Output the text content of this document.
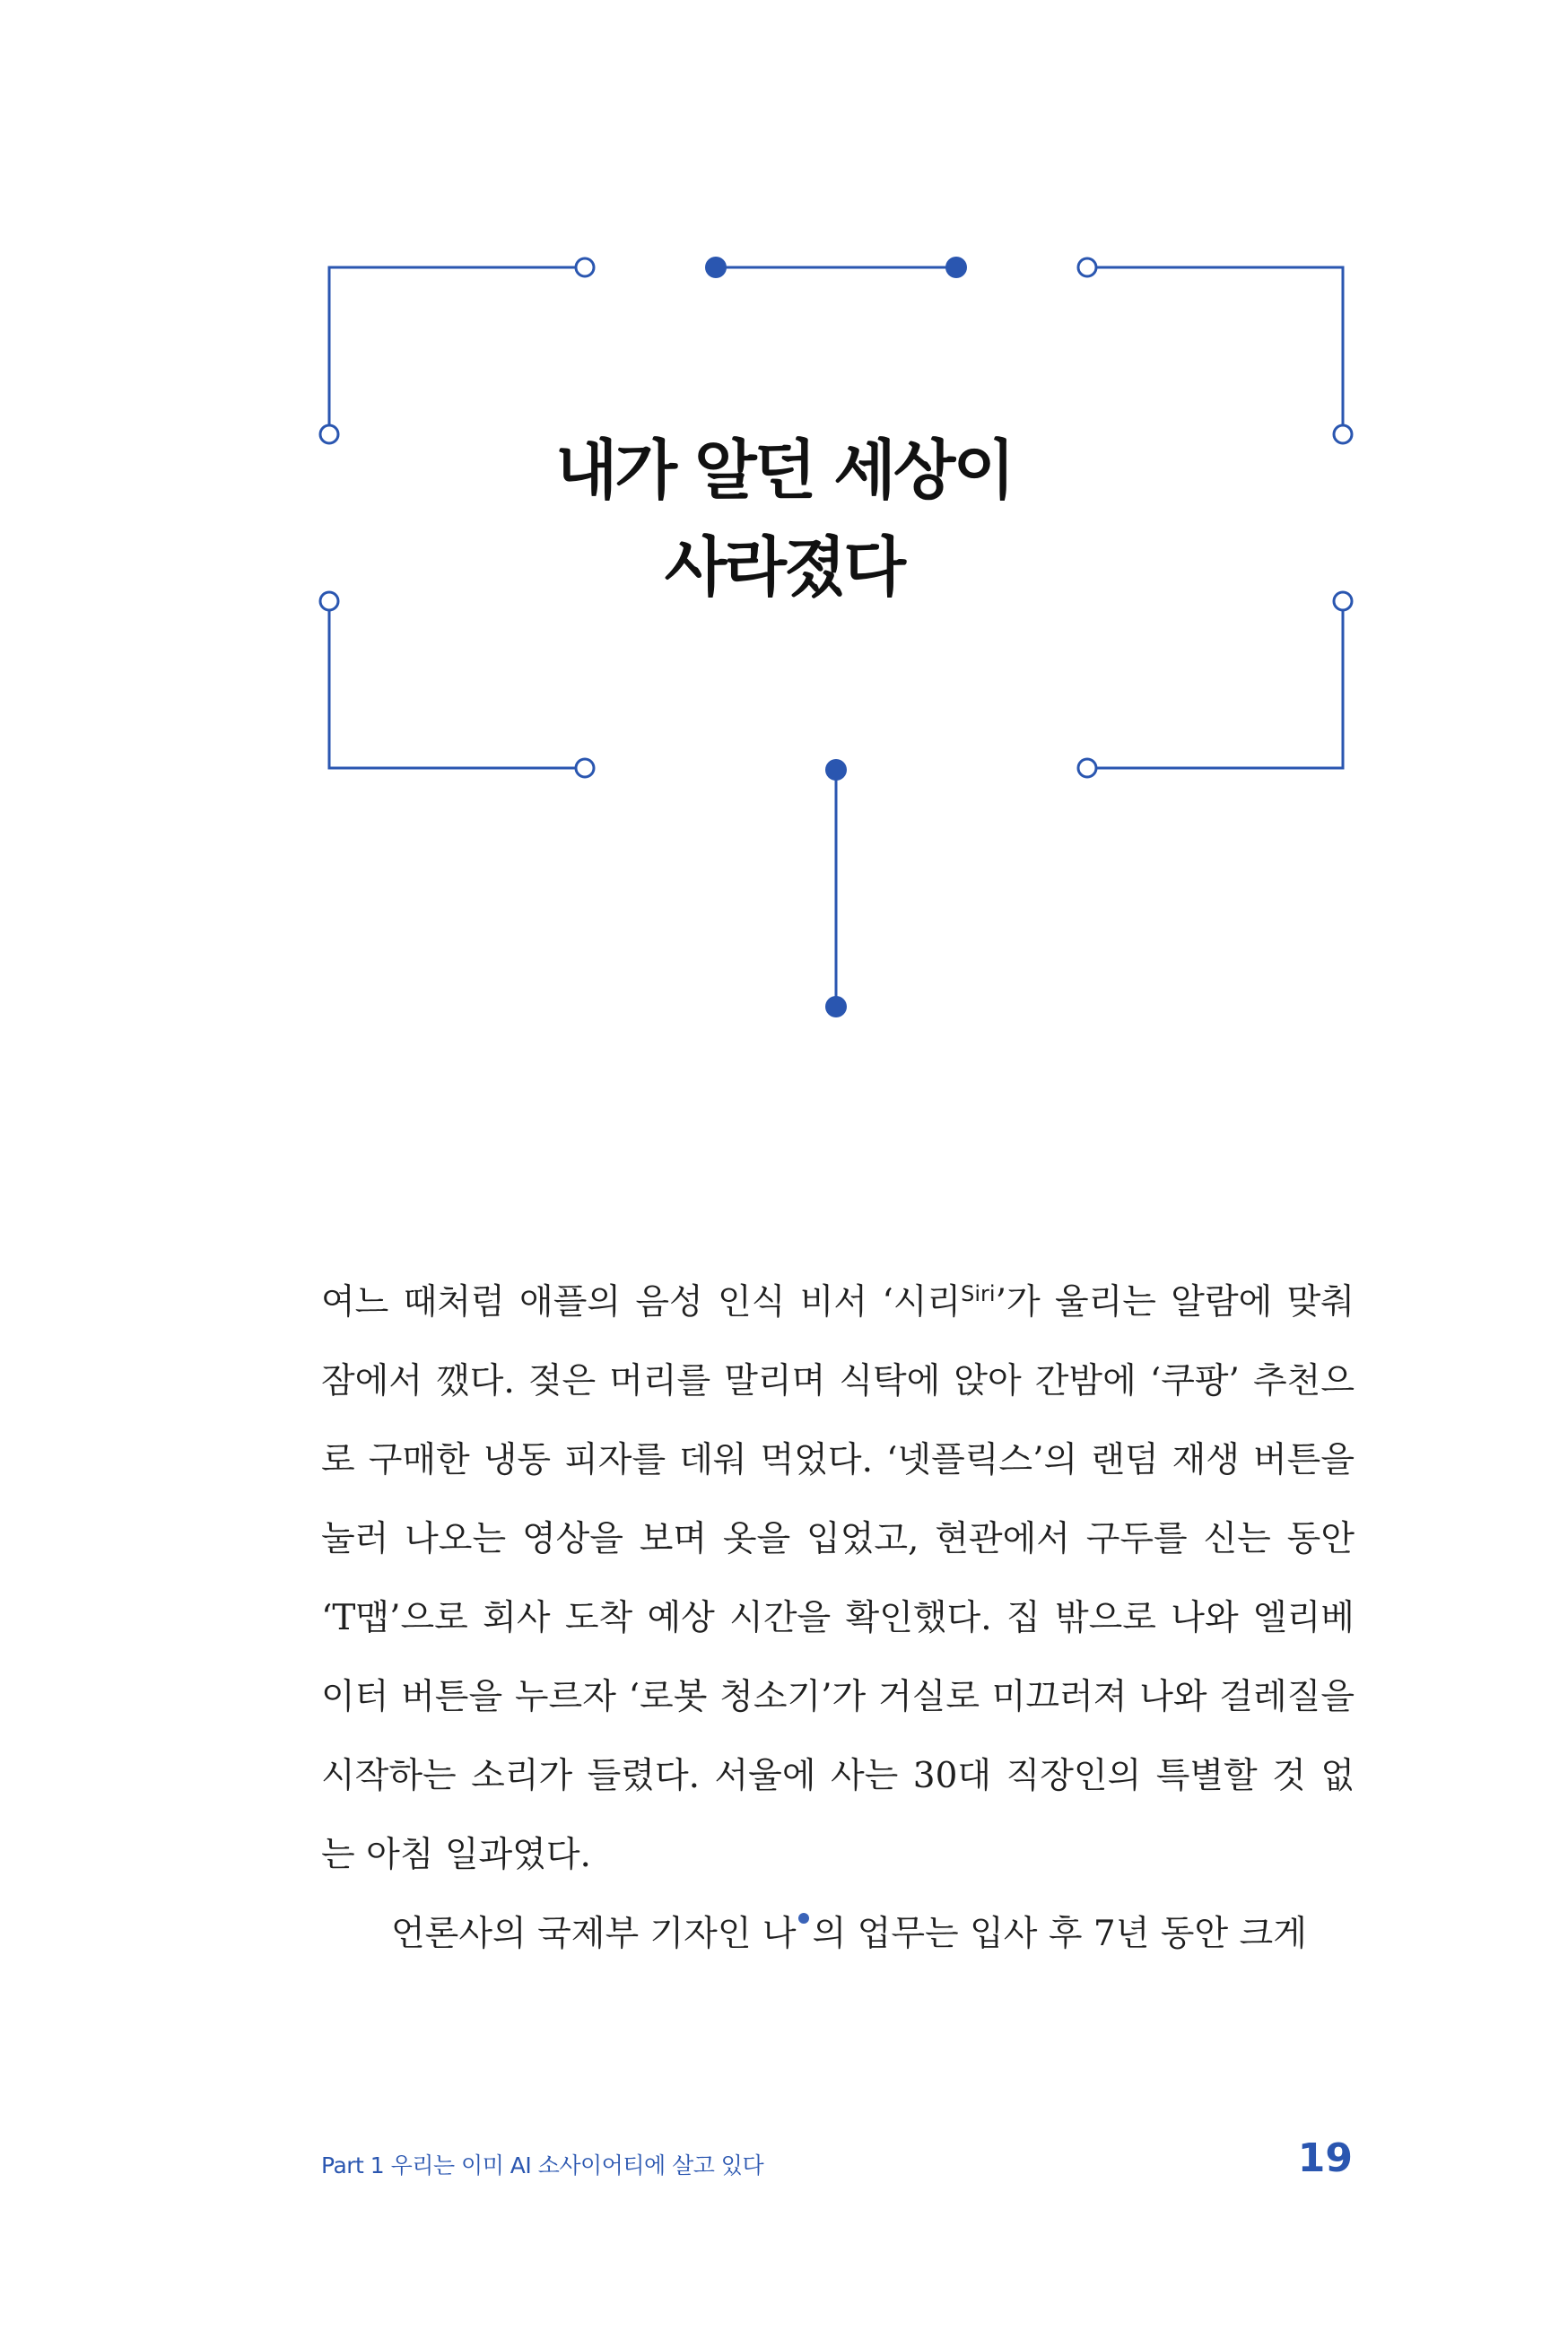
내가 알던 세상이
사라졌다

여느 때처럼 애플의 음성 인식 비서 ‘시리$^{Siri}$’가 울리는 알람에 맞춰 잠에서 깼다. 젖은 머리를 말리며 식탁에 앉아 간밤에 ‘쿠팡’ 추천으로 구매한 냉동 피자를 데워 먹었다. ‘넷플릭스’의 랜덤 재생 버튼을 눌러 나오는 영상을 보며 옷을 입었고, 현관에서 구두를 신는 동안 ‘T맵’으로 회사 도착 예상 시간을 확인했다. 집 밖으로 나와 엘리베이터 버튼을 누르자 ‘로봇 청소기’가 거실로 미끄러져 나와 걸레질을 시작하는 소리가 들렸다. 서울에 사는 30대 직장인의 특별할 것 없는 아침 일과였다.

언론사의 국제부 기자인 나 의 업무는 입사 후 7년 동안 크게

Part 1 우리는 이미 AI 소사이어티에 살고 있다	19
